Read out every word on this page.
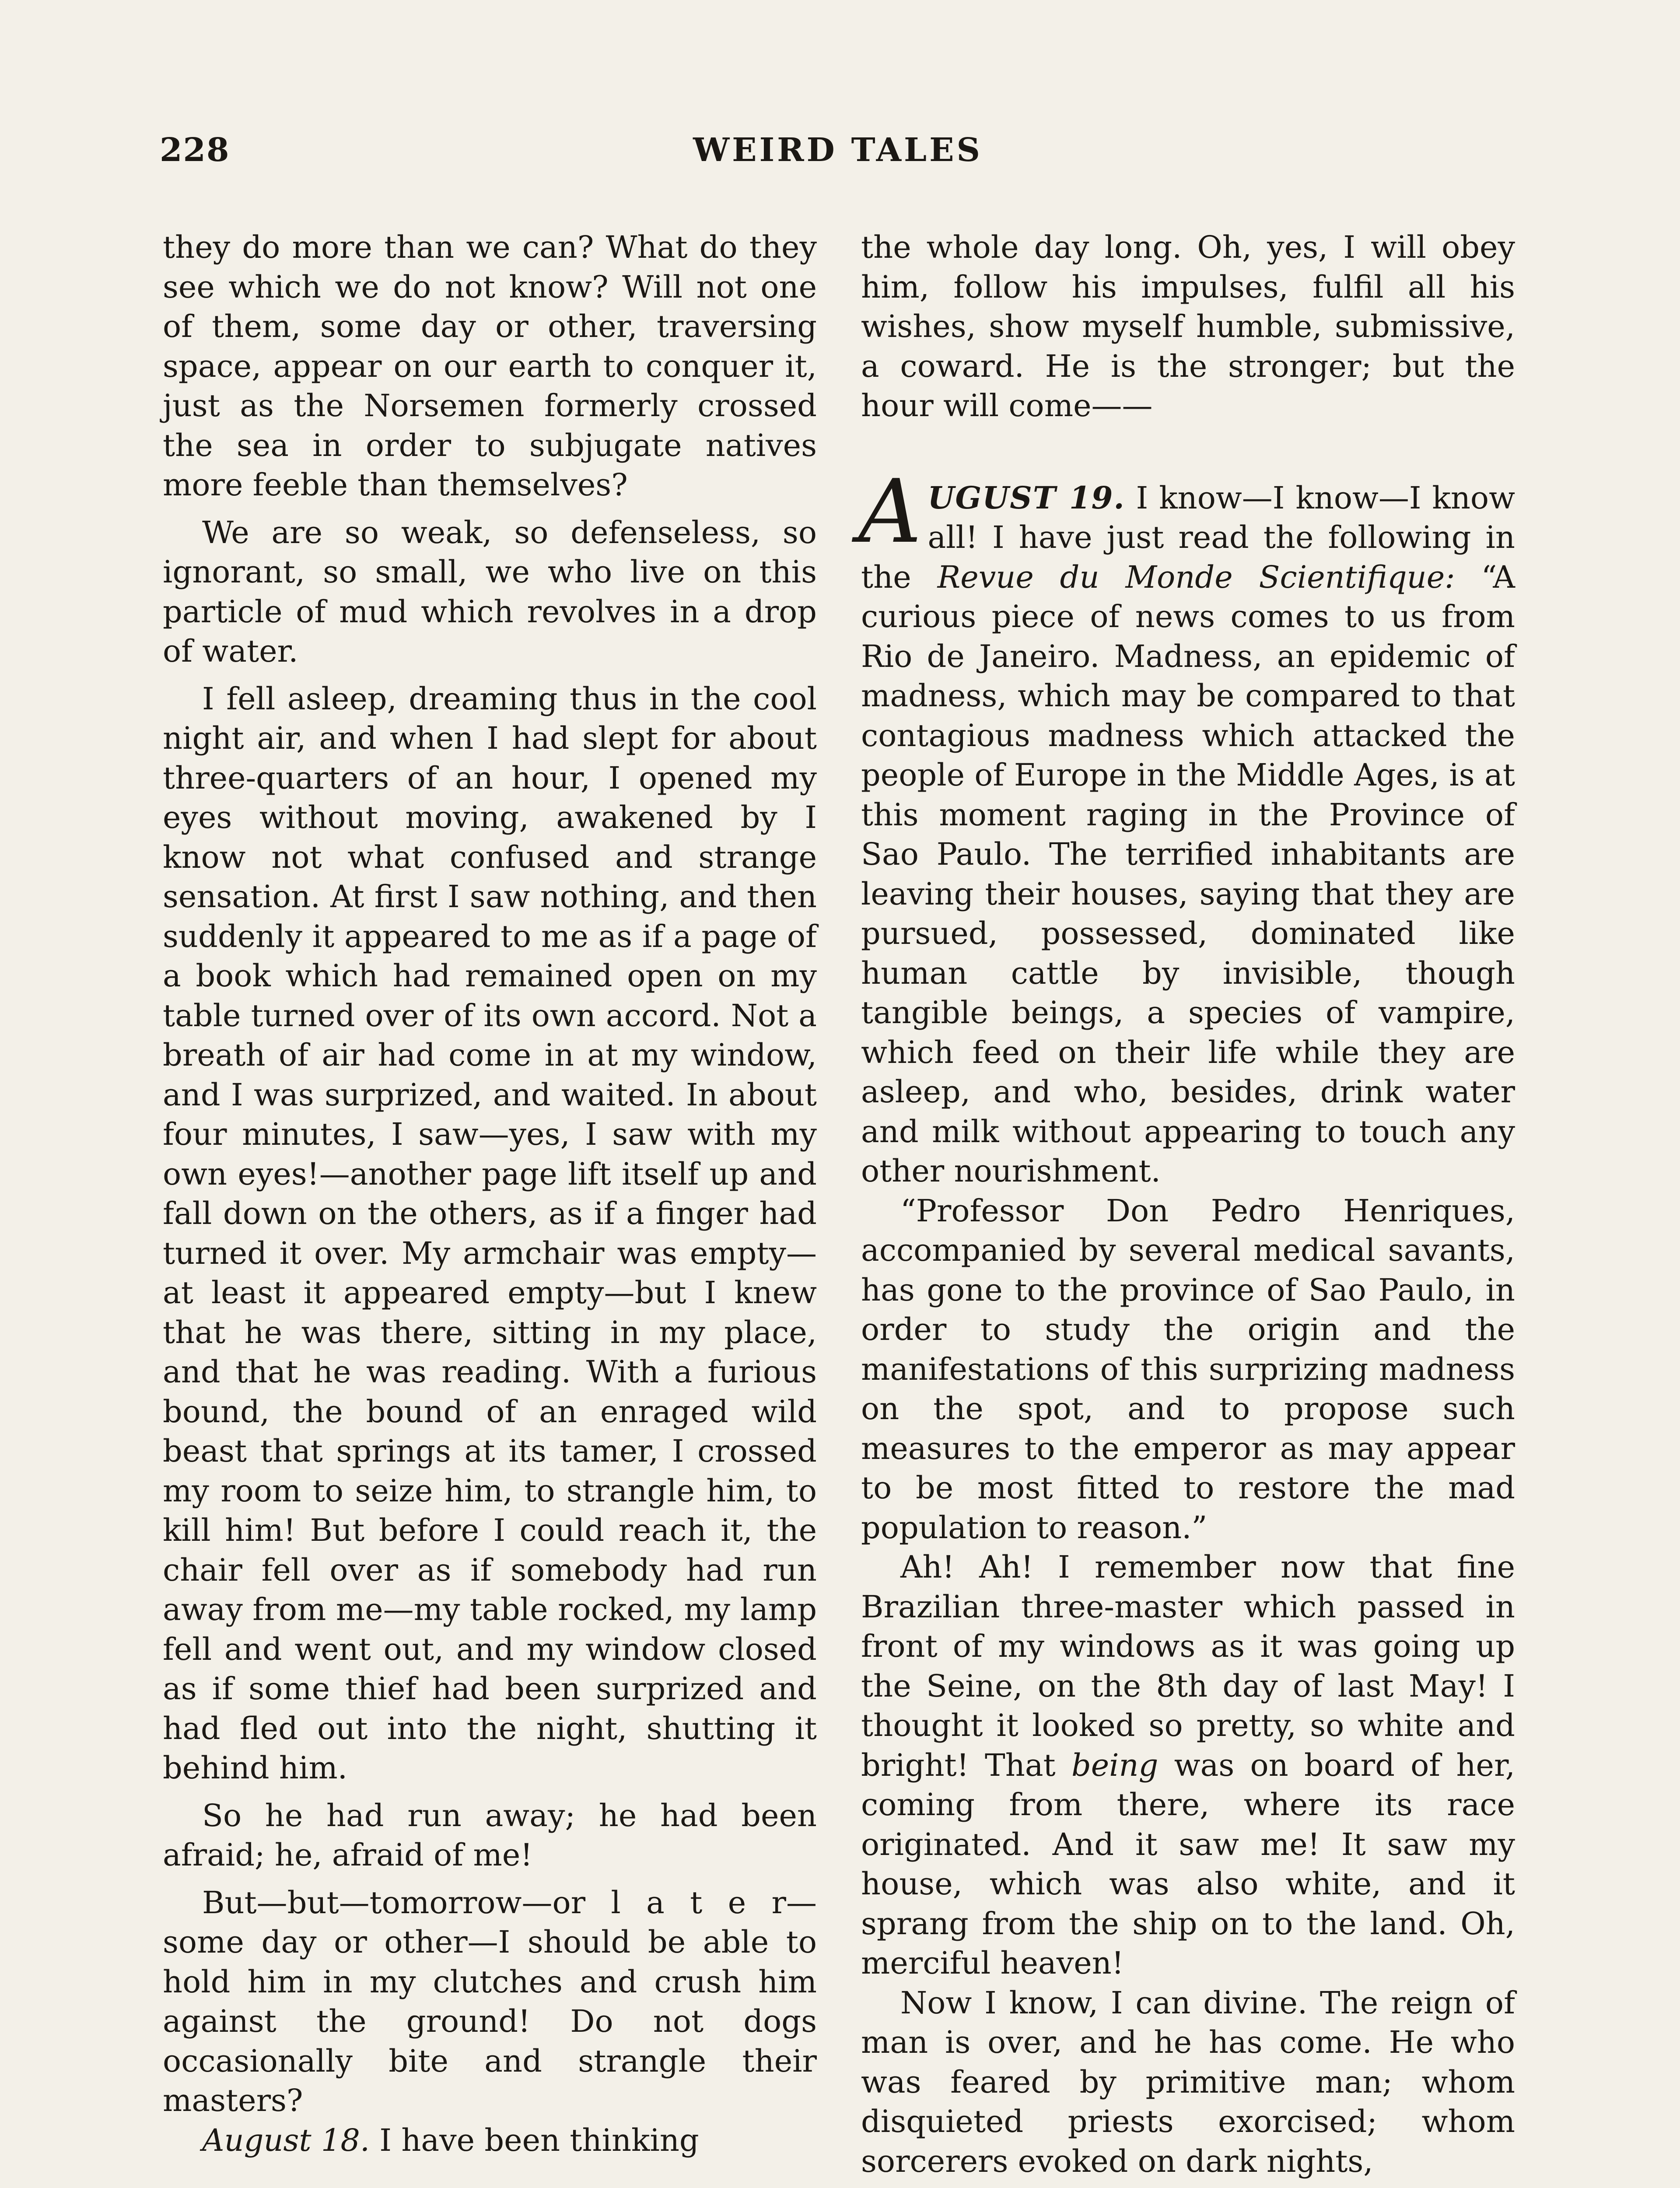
228	WEIRD TALES

they do more than we can? What do they see which we do not know? Will not one of them, some day or other, traversing space, appear on our earth to conquer it, just as the Norsemen formerly crossed the sea in order to subjugate natives more feeble than themselves?

We are so weak, so defenseless, so ignorant, so small, we who live on this particle of mud which revolves in a drop of water.

I fell asleep, dreaming thus in the cool night air, and when I had slept for about three-quarters of an hour, I opened my eyes without moving, awakened by I know not what confused and strange sensation. At first I saw nothing, and then suddenly it appeared to me as if a page of a book which had remained open on my table turned over of its own accord. Not a breath of air had come in at my window, and I was surprized, and waited. In about four minutes, I saw—yes, I saw with my own eyes!—another page lift itself up and fall down on the others, as if a finger had turned it over. My armchair was empty—at least it appeared empty—but I knew that he was there, sitting in my place, and that he was reading. With a furious bound, the bound of an enraged wild beast that springs at its tamer, I crossed my room to seize him, to strangle him, to kill him! But before I could reach it, the chair fell over as if somebody had run away from me—my table rocked, my lamp fell and went out, and my window closed as if some thief had been surprized and had fled out into the night, shutting it behind him.

So he had run away; he had been afraid; he, afraid of me!

But—but—tomorrow—or l a t e r—some day or other—I should be able to hold him in my clutches and crush him against the ground! Do not dogs occasionally bite and strangle their masters?

August 18. I have been thinking

the whole day long. Oh, yes, I will obey him, follow his impulses, fulfil all his wishes, show myself humble, submissive, a coward. He is the stronger; but the hour will come——

AUGUST 19. I know—I know—I know all! I have just read the following in the Revue du Monde Scientifique: “A curious piece of news comes to us from Rio de Janeiro. Madness, an epidemic of madness, which may be compared to that contagious madness which attacked the people of Europe in the Middle Ages, is at this moment raging in the Province of Sao Paulo. The terrified inhabitants are leaving their houses, saying that they are pursued, possessed, dominated like human cattle by invisible, though tangible beings, a species of vampire, which feed on their life while they are asleep, and who, besides, drink water and milk without appearing to touch any other nourishment.

“Professor Don Pedro Henriques, accompanied by several medical savants, has gone to the province of Sao Paulo, in order to study the origin and the manifestations of this surprizing madness on the spot, and to propose such measures to the emperor as may appear to be most fitted to restore the mad population to reason.”

Ah! Ah! I remember now that fine Brazilian three-master which passed in front of my windows as it was going up the Seine, on the 8th day of last May! I thought it looked so pretty, so white and bright! That being was on board of her, coming from there, where its race originated. And it saw me! It saw my house, which was also white, and it sprang from the ship on to the land. Oh, merciful heaven!

Now I know, I can divine. The reign of man is over, and he has come. He who was feared by primitive man; whom disquieted priests exorcised; whom sorcerers evoked on dark nights,
